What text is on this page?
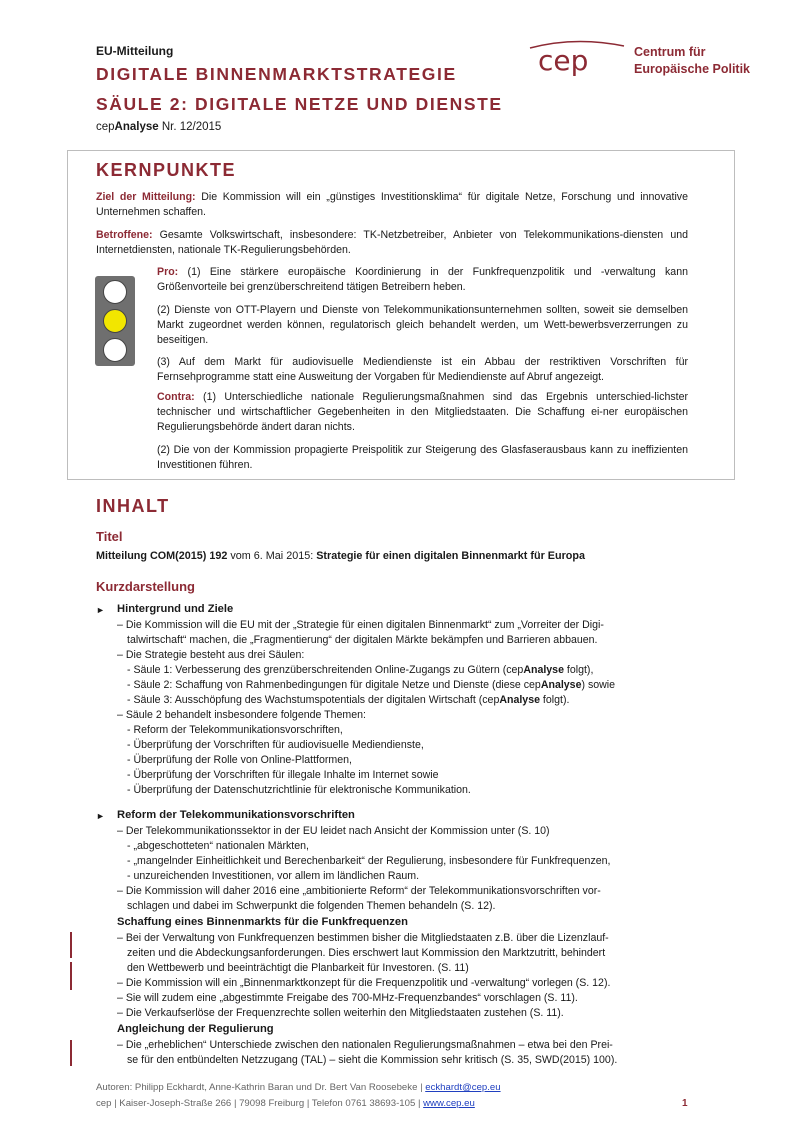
EU-Mitteilung
DIGITALE BINNENMARKTSTRATEGIE
SÄULE 2: DIGITALE NETZE UND DIENSTE
cepAnalyse Nr. 12/2015
cep	Centrum für
Europäische Politik
KERNPUNKTE
Ziel der Mitteilung: Die Kommission will ein „günstiges Investitionsklima“ für digitale Netze, Forschung und innovative Unternehmen schaffen.
Betroffene: Gesamte Volkswirtschaft, insbesondere: TK-Netzbetreiber, Anbieter von Telekommunikations-diensten und Internetdiensten, nationale TK-Regulierungsbehörden.
Pro: (1) Eine stärkere europäische Koordinierung in der Funkfrequenzpolitik und -verwaltung kann Größenvorteile bei grenzüberschreitend tätigen Betreibern heben.
(2) Dienste von OTT-Playern und Dienste von Telekommunikationsunternehmen sollten, soweit sie demselben Markt zugeordnet werden können, regulatorisch gleich behandelt werden, um Wett-bewerbsverzerrungen zu beseitigen.
(3) Auf dem Markt für audiovisuelle Mediendienste ist ein Abbau der restriktiven Vorschriften für Fernsehprogramme statt eine Ausweitung der Vorgaben für Mediendienste auf Abruf angezeigt.
Contra: (1) Unterschiedliche nationale Regulierungsmaßnahmen sind das Ergebnis unterschied-lichster technischer und wirtschaftlicher Gegebenheiten in den Mitgliedstaaten. Die Schaffung ei-ner europäischen Regulierungsbehörde ändert daran nichts.
(2) Die von der Kommission propagierte Preispolitik zur Steigerung des Glasfaserausbaus kann zu ineffizienten Investitionen führen.
INHALT
Titel
Mitteilung COM(2015) 192 vom 6. Mai 2015: Strategie für einen digitalen Binnenmarkt für Europa
Kurzdarstellung
► Hintergrund und Ziele
– Die Kommission will die EU mit der „Strategie für einen digitalen Binnenmarkt“ zum „Vorreiter der Digi-
talwirtschaft“ machen, die „Fragmentierung“ der digitalen Märkte bekämpfen und Barrieren abbauen.
– Die Strategie besteht aus drei Säulen:
- Säule 1: Verbesserung des grenzüberschreitenden Online-Zugangs zu Gütern (cepAnalyse folgt),
- Säule 2: Schaffung von Rahmenbedingungen für digitale Netze und Dienste (diese cepAnalyse) sowie
- Säule 3: Ausschöpfung des Wachstumspotentials der digitalen Wirtschaft (cepAnalyse folgt).
– Säule 2 behandelt insbesondere folgende Themen:
- Reform der Telekommunikationsvorschriften,
- Überprüfung der Vorschriften für audiovisuelle Mediendienste,
- Überprüfung der Rolle von Online-Plattformen,
- Überprüfung der Vorschriften für illegale Inhalte im Internet sowie
- Überprüfung der Datenschutzrichtlinie für elektronische Kommunikation.
► Reform der Telekommunikationsvorschriften
– Der Telekommunikationssektor in der EU leidet nach Ansicht der Kommission unter (S. 10)
- „abgeschotteten“ nationalen Märkten,
- „mangelnder Einheitlichkeit und Berechenbarkeit“ der Regulierung, insbesondere für Funkfrequenzen,
- unzureichenden Investitionen, vor allem im ländlichen Raum.
– Die Kommission will daher 2016 eine „ambitionierte Reform“ der Telekommunikationsvorschriften vor-
schlagen und dabei im Schwerpunkt die folgenden Themen behandeln (S. 12).
Schaffung eines Binnenmarkts für die Funkfrequenzen
– Bei der Verwaltung von Funkfrequenzen bestimmen bisher die Mitgliedstaaten z.B. über die Lizenzlauf-
zeiten und die Abdeckungsanforderungen. Dies erschwert laut Kommission den Marktzutritt, behindert
den Wettbewerb und beeinträchtigt die Planbarkeit für Investoren. (S. 11)
– Die Kommission will ein „Binnenmarktkonzept für die Frequenzpolitik und -verwaltung“ vorlegen (S. 12).
– Sie will zudem eine „abgestimmte Freigabe des 700-MHz-Frequenzbandes“ vorschlagen (S. 11).
– Die Verkaufserlöse der Frequenzrechte sollen weiterhin den Mitgliedstaaten zustehen (S. 11).
Angleichung der Regulierung
– Die „erheblichen“ Unterschiede zwischen den nationalen Regulierungsmaßnahmen – etwa bei den Prei-
se für den entbündelten Netzzugang (TAL) – sieht die Kommission sehr kritisch (S. 35, SWD(2015) 100).
Autoren: Philipp Eckhardt, Anne-Kathrin Baran und Dr. Bert Van Roosebeke | eckhardt@cep.eu
cep | Kaiser-Joseph-Straße 266 | 79098 Freiburg | Telefon 0761 38693-105 | www.cep.eu	1
